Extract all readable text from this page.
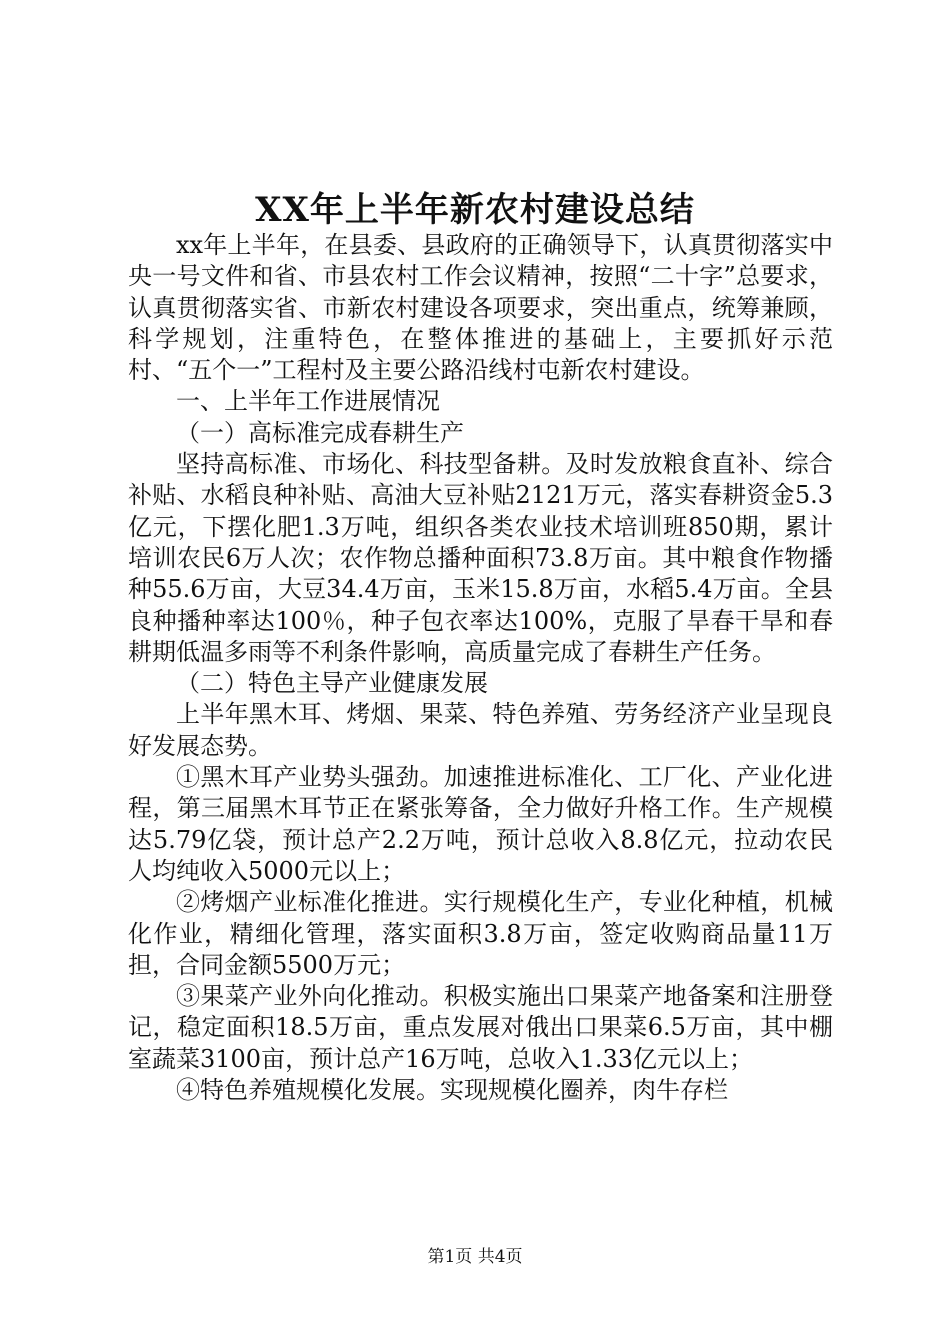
XX年上半年新农村建设总结

xx年上半年，在县委、县政府的正确领导下，认真贯彻落实中央一号文件和省、市县农村工作会议精神，按照“二十字”总要求，认真贯彻落实省、市新农村建设各项要求，突出重点，统筹兼顾，科学规划，注重特色，在整体推进的基础上，主要抓好示范村、“五个一”工程村及主要公路沿线村屯新农村建设。

一、上半年工作进展情况

（一）高标准完成春耕生产

坚持高标准、市场化、科技型备耕。及时发放粮食直补、综合补贴、水稻良种补贴、高油大豆补贴2121万元，落实春耕资金5.3亿元，下摆化肥1.3万吨，组织各类农业技术培训班850期，累计培训农民6万人次；农作物总播种面积73.8万亩。其中粮食作物播种55.6万亩，大豆34.4万亩，玉米15.8万亩，水稻5.4万亩。全县良种播种率达100％，种子包衣率达100%，克服了旱春干旱和春耕期低温多雨等不利条件影响，高质量完成了春耕生产任务。

（二）特色主导产业健康发展

上半年黑木耳、烤烟、果菜、特色养殖、劳务经济产业呈现良好发展态势。

①黑木耳产业势头强劲。加速推进标准化、工厂化、产业化进程，第三届黑木耳节正在紧张筹备，全力做好升格工作。生产规模达5.79亿袋，预计总产2.2万吨，预计总收入8.8亿元，拉动农民人均纯收入5000元以上；

②烤烟产业标准化推进。实行规模化生产，专业化种植，机械化作业，精细化管理，落实面积3.8万亩，签定收购商品量11万担，合同金额5500万元；

③果菜产业外向化推动。积极实施出口果菜产地备案和注册登记，稳定面积18.5万亩，重点发展对俄出口果菜6.5万亩，其中棚室蔬菜3100亩，预计总产16万吨，总收入1.33亿元以上；

④特色养殖规模化发展。实现规模化圈养，肉牛存栏

第1页 共4页
